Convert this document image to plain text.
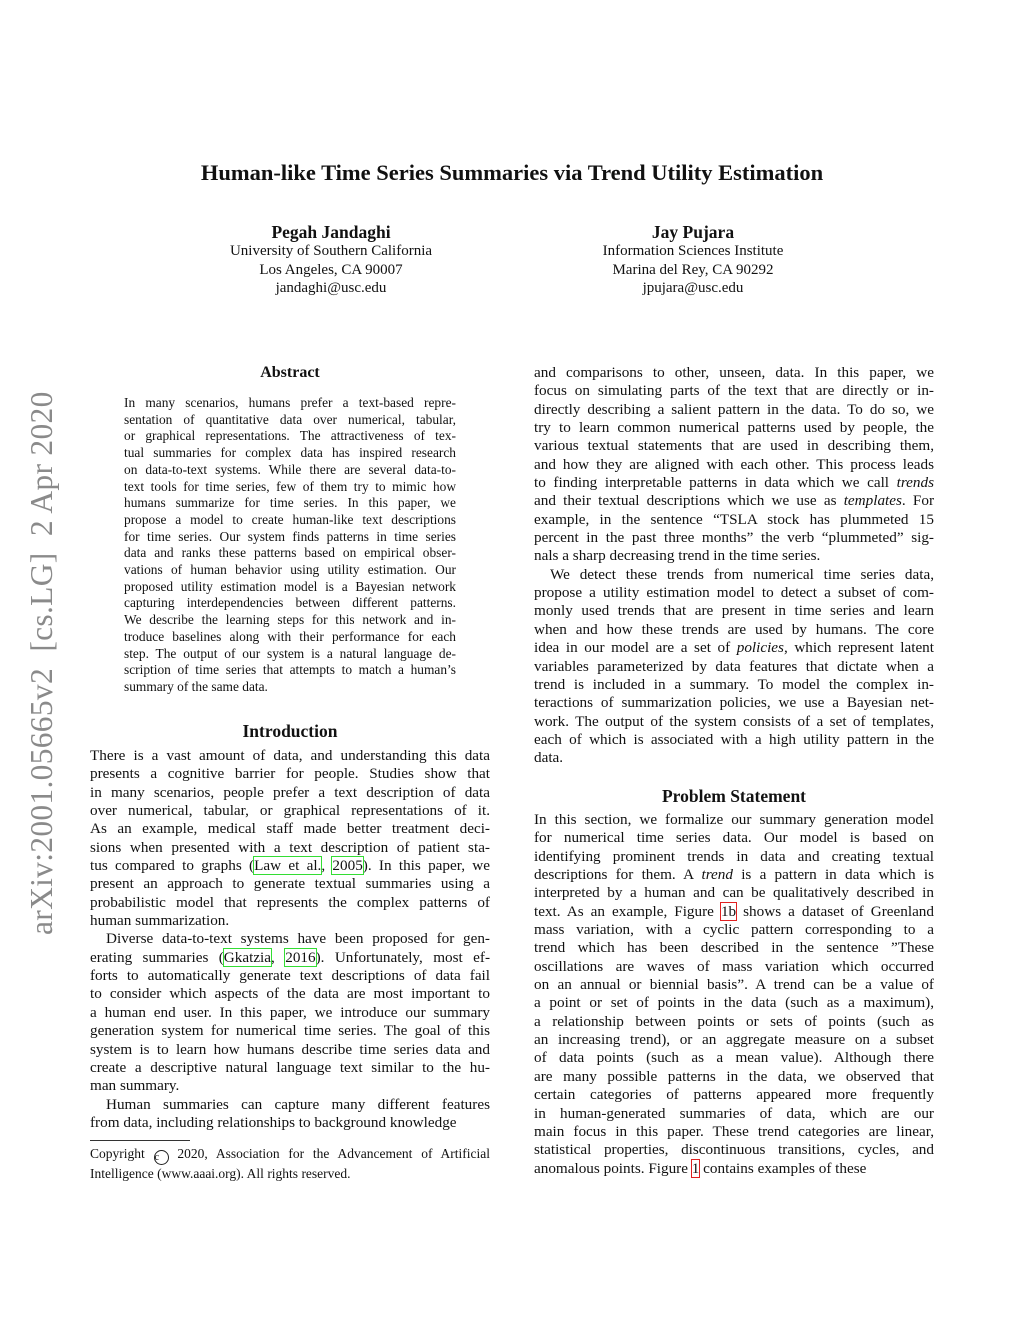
arXiv:2001.05665v2  [cs.LG]  2 Apr 2020
Human-like Time Series Summaries via Trend Utility Estimation
Pegah Jandaghi
University of Southern California
Los Angeles, CA 90007
jandaghi@usc.edu
Jay Pujara
Information Sciences Institute
Marina del Rey, CA 90292
jpujara@usc.edu
Abstract
In many scenarios, humans prefer a text-based repre-
sentation of quantitative data over numerical, tabular,
or graphical representations. The attractiveness of tex-
tual summaries for complex data has inspired research
on data-to-text systems. While there are several data-to-
text tools for time series, few of them try to mimic how
humans summarize for time series. In this paper, we
propose a model to create human-like text descriptions
for time series. Our system finds patterns in time series
data and ranks these patterns based on empirical obser-
vations of human behavior using utility estimation. Our
proposed utility estimation model is a Bayesian network
capturing interdependencies between different patterns.
We describe the learning steps for this network and in-
troduce baselines along with their performance for each
step. The output of our system is a natural language de-
scription of time series that attempts to match a human’s
summary of the same data.
Introduction
There is a vast amount of data, and understanding this data
presents a cognitive barrier for people. Studies show that
in many scenarios, people prefer a text description of data
over numerical, tabular, or graphical representations of it.
As an example, medical staff made better treatment deci-
sions when presented with a text description of patient sta-
tus compared to graphs (Law et al., 2005). In this paper, we
present an approach to generate textual summaries using a
probabilistic model that represents the complex patterns of
human summarization.
Diverse data-to-text systems have been proposed for gen-
erating summaries (Gkatzia, 2016). Unfortunately, most ef-
forts to automatically generate text descriptions of data fail
to consider which aspects of the data are most important to
a human end user. In this paper, we introduce our summary
generation system for numerical time series. The goal of this
system is to learn how humans describe time series data and
create a descriptive natural language text similar to the hu-
man summary.
Human summaries can capture many different features
from data, including relationships to background knowledge
Copyright c 2020, Association for the Advancement of Artificial
Intelligence (www.aaai.org). All rights reserved.
and comparisons to other, unseen, data. In this paper, we
focus on simulating parts of the text that are directly or in-
directly describing a salient pattern in the data. To do so, we
try to learn common numerical patterns used by people, the
various textual statements that are used in describing them,
and how they are aligned with each other. This process leads
to finding interpretable patterns in data which we call trends
and their textual descriptions which we use as templates. For
example, in the sentence “TSLA stock has plummeted 15
percent in the past three months” the verb “plummeted” sig-
nals a sharp decreasing trend in the time series.
We detect these trends from numerical time series data,
propose a utility estimation model to detect a subset of com-
monly used trends that are present in time series and learn
when and how these trends are used by humans. The core
idea in our model are a set of policies, which represent latent
variables parameterized by data features that dictate when a
trend is included in a summary. To model the complex in-
teractions of summarization policies, we use a Bayesian net-
work. The output of the system consists of a set of templates,
each of which is associated with a high utility pattern in the
data.
Problem Statement
In this section, we formalize our summary generation model
for numerical time series data. Our model is based on
identifying prominent trends in data and creating textual
descriptions for them. A trend is a pattern in data which is
interpreted by a human and can be qualitatively described in
text. As an example, Figure 1b shows a dataset of Greenland
mass variation, with a cyclic pattern corresponding to a
trend which has been described in the sentence ”These
oscillations are waves of mass variation which occurred
on an annual or biennial basis”. A trend can be a value of
a point or set of points in the data (such as a maximum),
a relationship between points or sets of points (such as
an increasing trend), or an aggregate measure on a subset
of data points (such as a mean value). Although there
are many possible patterns in the data, we observed that
certain categories of patterns appeared more frequently
in human-generated summaries of data, which are our
main focus in this paper. These trend categories are linear,
statistical properties, discontinuous transitions, cycles, and
anomalous points. Figure 1 contains examples of these
